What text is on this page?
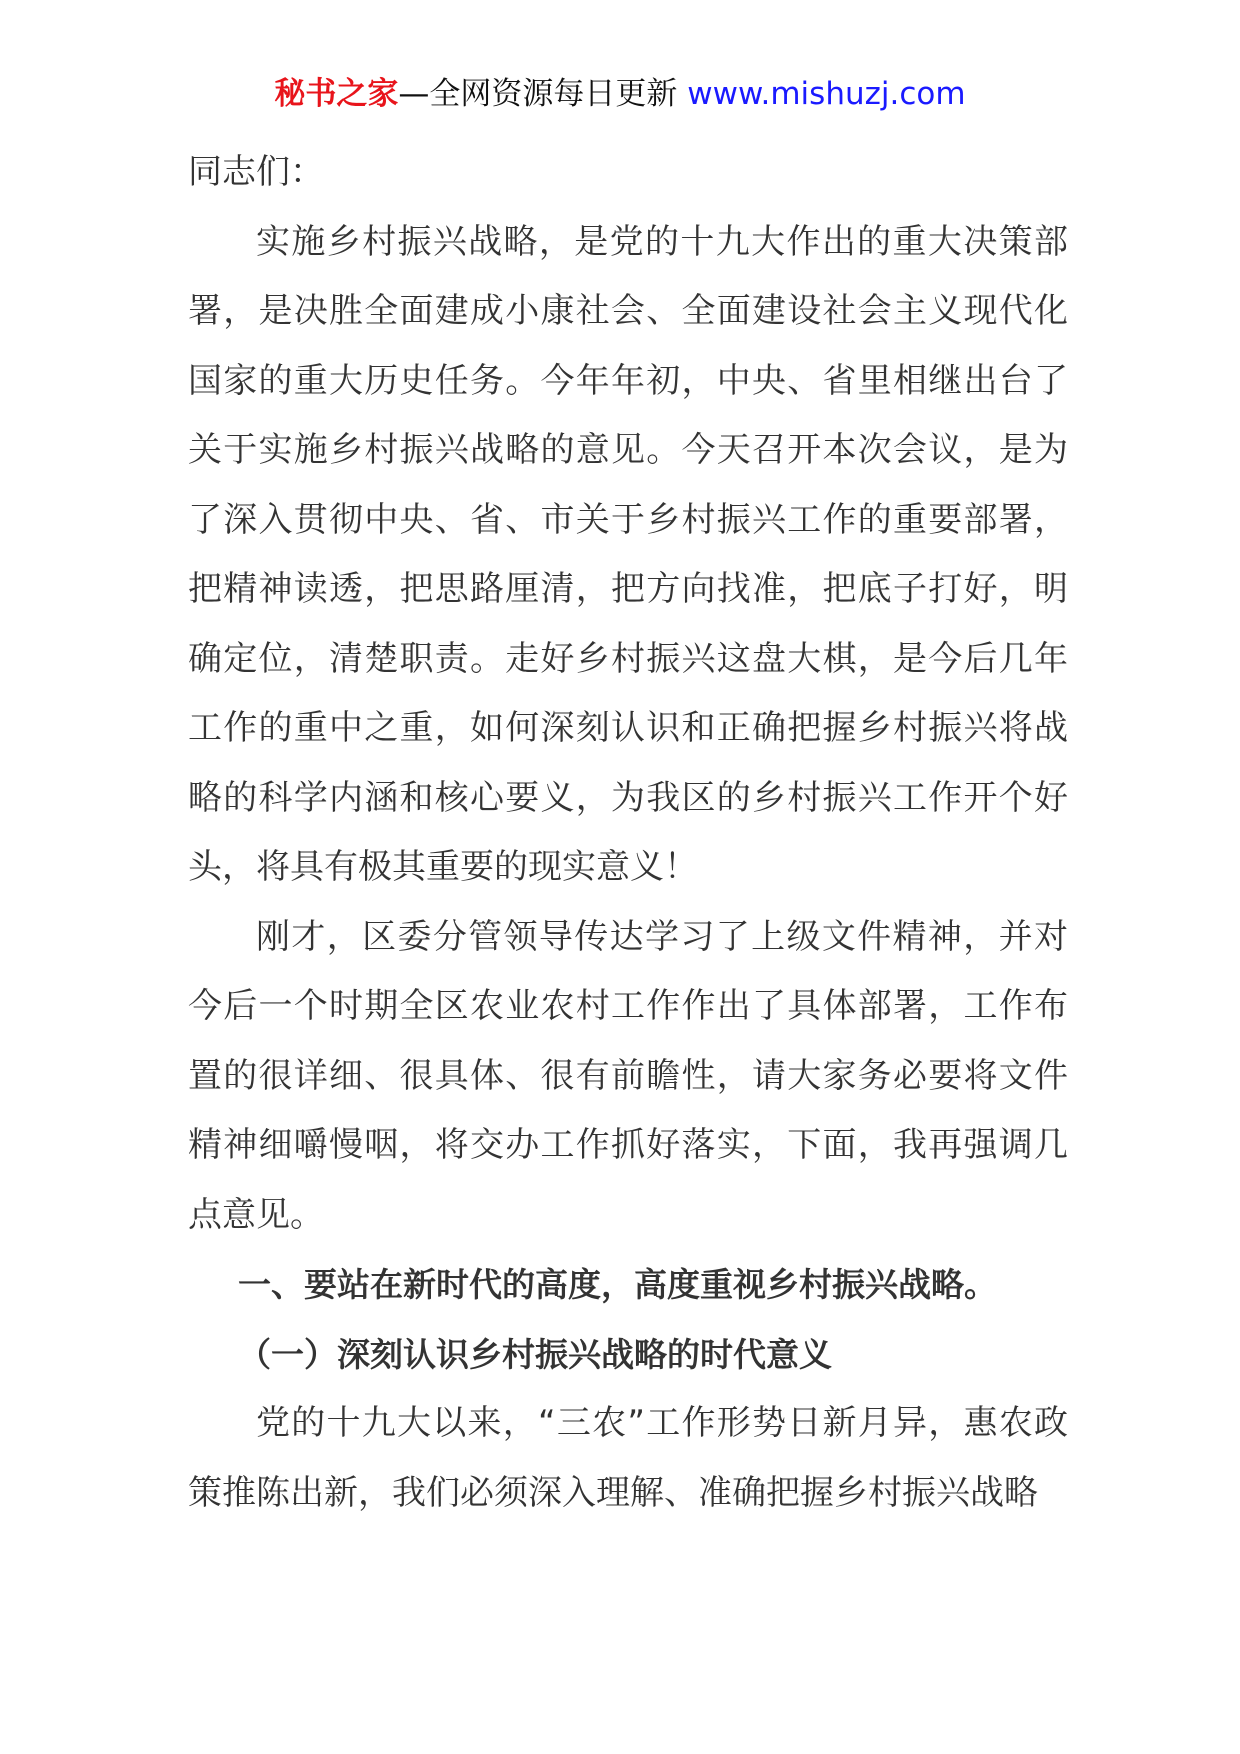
秘书之家—全网资源每日更新 www.mishuzj.com

同志们：

实施乡村振兴战略，是党的十九大作出的重大决策部署，是决胜全面建成小康社会、全面建设社会主义现代化国家的重大历史任务。今年年初，中央、省里相继出台了关于实施乡村振兴战略的意见。今天召开本次会议，是为了深入贯彻中央、省、市关于乡村振兴工作的重要部署，把精神读透，把思路厘清，把方向找准，把底子打好，明确定位，清楚职责。走好乡村振兴这盘大棋，是今后几年工作的重中之重，如何深刻认识和正确把握乡村振兴将战略的科学内涵和核心要义，为我区的乡村振兴工作开个好头，将具有极其重要的现实意义！

刚才，区委分管领导传达学习了上级文件精神，并对今后一个时期全区农业农村工作作出了具体部署，工作布置的很详细、很具体、很有前瞻性，请大家务必要将文件精神细嚼慢咽，将交办工作抓好落实，下面，我再强调几点意见。

一、要站在新时代的高度，高度重视乡村振兴战略。

（一）深刻认识乡村振兴战略的时代意义

党的十九大以来，“三农”工作形势日新月异，惠农政策推陈出新，我们必须深入理解、准确把握乡村振兴战略
